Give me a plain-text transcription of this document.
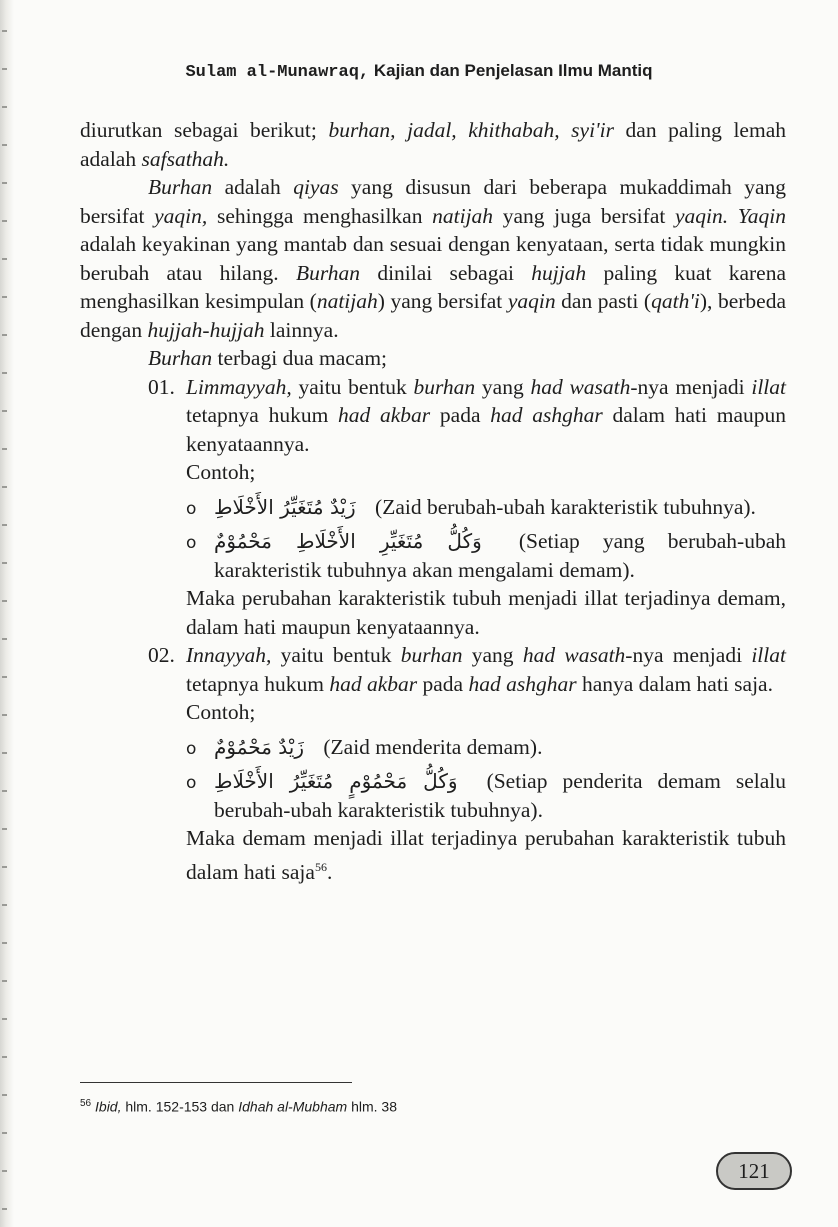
Sulam al-Munawraq, Kajian dan Penjelasan Ilmu Mantiq

diurutkan sebagai berikut; burhan, jadal, khithabah, syi'ir dan paling lemah adalah safsathah.

Burhan adalah qiyas yang disusun dari beberapa mukaddimah yang bersifat yaqin, sehingga menghasilkan natijah yang juga bersifat yaqin. Yaqin adalah keyakinan yang mantab dan sesuai dengan kenyataan, serta tidak mungkin berubah atau hilang. Burhan dinilai sebagai hujjah paling kuat karena menghasilkan kesimpulan (natijah) yang bersifat yaqin dan pasti (qath'i), berbeda dengan hujjah-hujjah lainnya.

Burhan terbagi dua macam;

01. Limmayyah, yaitu bentuk burhan yang had wasath-nya menjadi illat tetapnya hukum had akbar pada had ashghar dalam hati maupun kenyataannya.

Contoh;

o زَيْدٌ مُتَغَيِّرُ الأَخْلَاطِ (Zaid berubah-ubah karakteristik tubuhnya).

o وَكُلُّ مُتَغَيِّرِ الأَخْلَاطِ مَحْمُوْمٌ (Setiap yang berubah-ubah karakteristik tubuhnya akan mengalami demam).

Maka perubahan karakteristik tubuh menjadi illat terjadinya demam, dalam hati maupun kenyataannya.

02. Innayyah, yaitu bentuk burhan yang had wasath-nya menjadi illat tetapnya hukum had akbar pada had ashghar hanya dalam hati saja.

Contoh;

o زَيْدٌ مَحْمُوْمٌ (Zaid menderita demam).

o وَكُلُّ مَحْمُوْمٍ مُتَغَيِّرُ الأَخْلَاطِ (Setiap penderita demam selalu berubah-ubah karakteristik tubuhnya).

Maka demam menjadi illat terjadinya perubahan karakteristik tubuh dalam hati saja$^{56}$.

$^{56}$ Ibid, hlm. 152-153 dan Idhah al-Mubham hlm. 38
121
